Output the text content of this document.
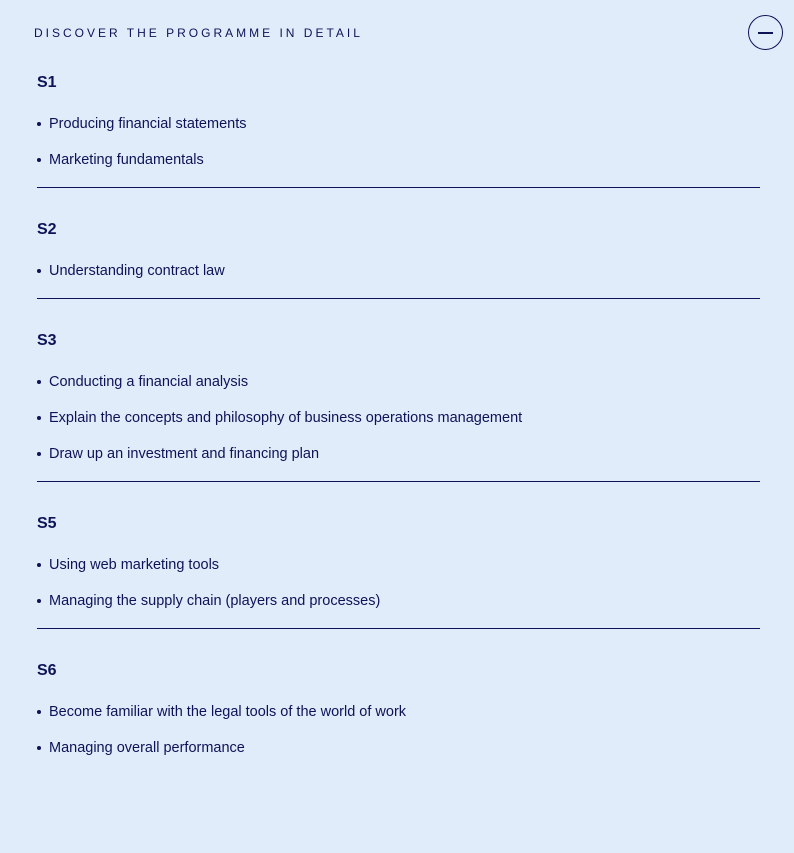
DISCOVER THE PROGRAMME IN DETAIL
S1
Producing financial statements
Marketing fundamentals
S2
Understanding contract law
S3
Conducting a financial analysis
Explain the concepts and philosophy of business operations management
Draw up an investment and financing plan
S5
Using web marketing tools
Managing the supply chain (players and processes)
S6
Become familiar with the legal tools of the world of work
Managing overall performance
